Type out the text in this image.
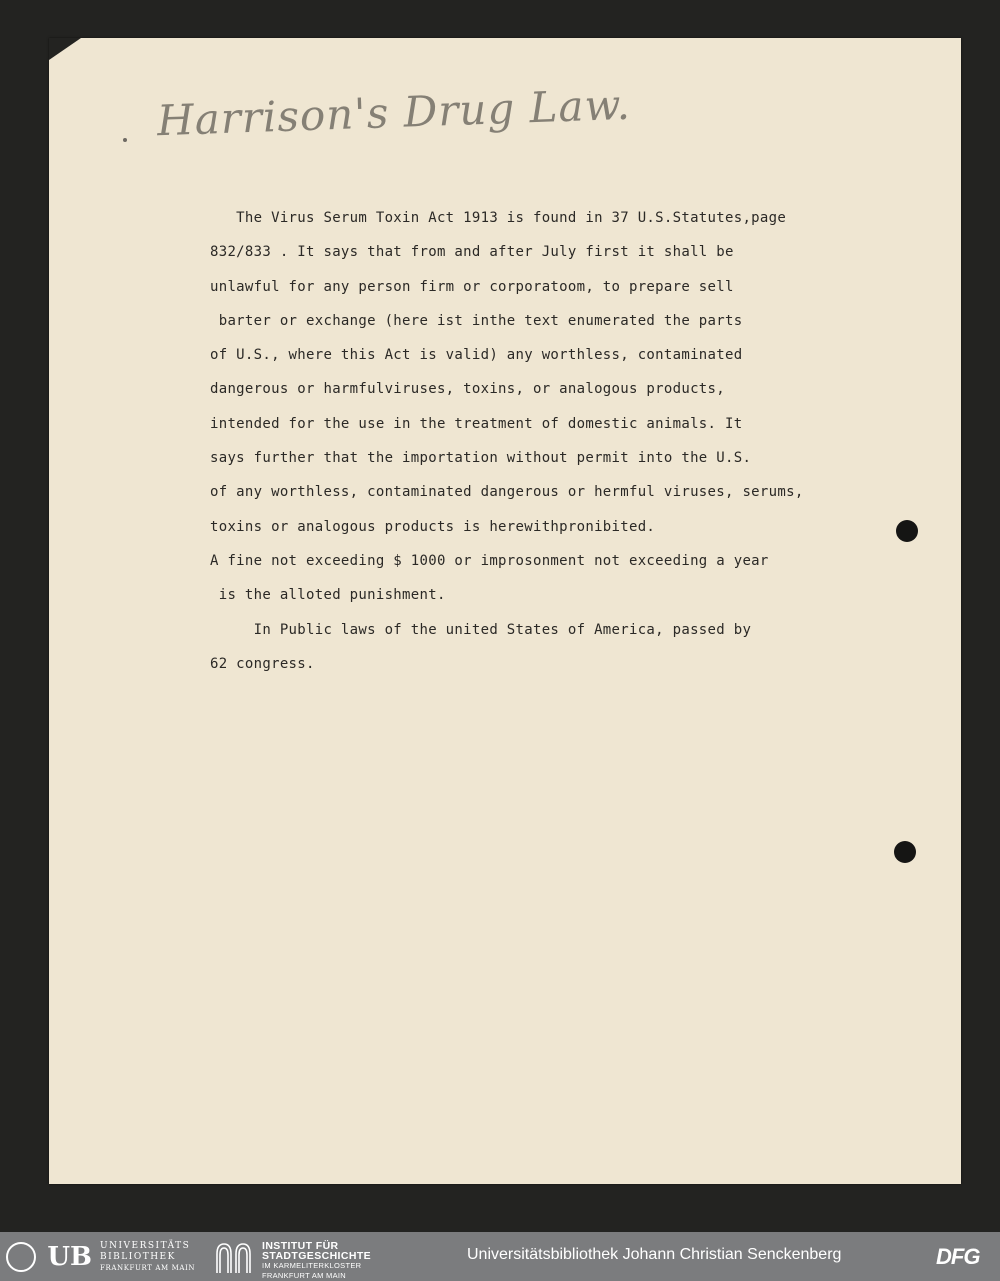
Harrison's Drug Law.
The Virus Serum Toxin Act 1913 is found in 37 U.S.Statutes,page
832/833 . It says that from and after July first it shall be
unlawful for any person firm or corporatoom, to prepare sell
barter or exchange (here ist inthe text enumerated the parts
of U.S., where this Act is valid) any worthless, contaminated
dangerous or harmfulviruses, toxins, or analogous products,
intended for the use in the treatment of domestic animals. It
says further that the importation without permit into the U.S.
of any worthless, contaminated dangerous or hermful viruses, serums,
toxins or analogous products is herewithpronibited.
A fine not exceeding $ 1000 or improsonment not exceeding a year
is the alloted punishment.
In Public laws of the united States of America, passed by
62 congress.
UB UNIVERSITÄTS
BIBLIOTHEK
FRANKFURT AM MAIN
INSTITUT FÜR
STADTGESCHICHTE
IM KARMELITERKLOSTER
FRANKFURT AM MAIN
Universitätsbibliothek Johann Christian Senckenberg	DFG
